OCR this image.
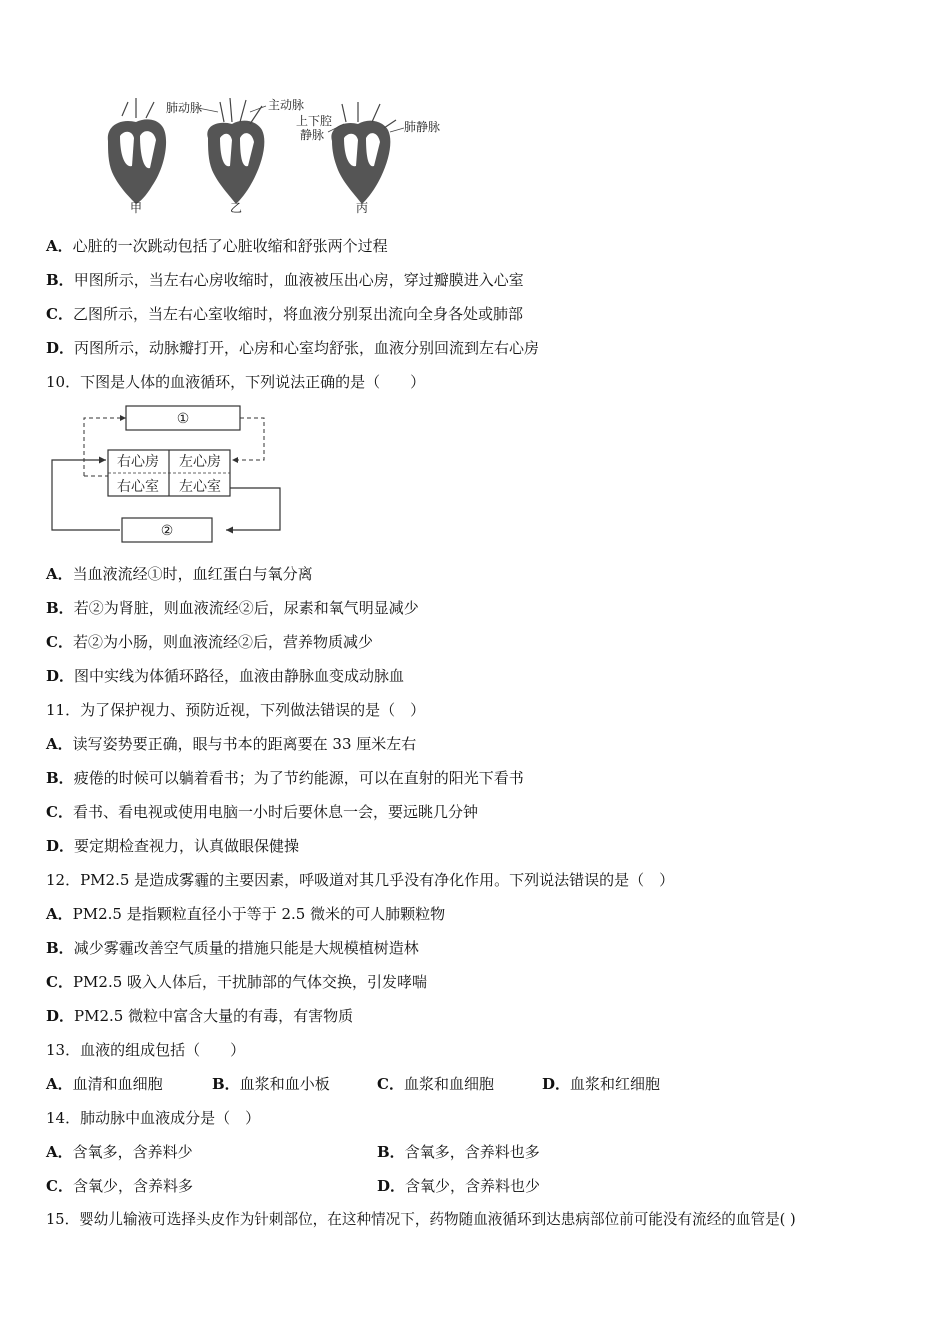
肺动脉	主动脉
上下腔
静脉
肺静脉
甲	乙	丙
A．心脏的一次跳动包括了心脏收缩和舒张两个过程
B．甲图所示，当左右心房收缩时，血液被压出心房，穿过瓣膜进入心室
C．乙图所示，当左右心室收缩时，将血液分别泵出流向全身各处或肺部
D．丙图所示，动脉瓣打开，心房和心室均舒张，血液分别回流到左右心房
10．下图是人体的血液循环，下列说法正确的是（　　）
①
右心房
右心室
左心房
左心室
②
A．当血液流经①时，血红蛋白与氧分离
B．若②为肾脏，则血液流经②后，尿素和氧气明显减少
C．若②为小肠，则血液流经②后，营养物质减少
D．图中实线为体循环路径，血液由静脉血变成动脉血
11．为了保护视力、预防近视，下列做法错误的是（　）
A．读写姿势要正确，眼与书本的距离要在 33 厘米左右
B．疲倦的时候可以躺着看书；为了节约能源，可以在直射的阳光下看书
C．看书、看电视或使用电脑一小时后要休息一会，要远眺几分钟
D．要定期检查视力，认真做眼保健操
12．PM2.5 是造成雾霾的主要因素，呼吸道对其几乎没有净化作用。下列说法错误的是（　）
A．PM2.5 是指颗粒直径小于等于 2.5 微米的可人肺颗粒物
B．减少雾霾改善空气质量的措施只能是大规模植树造林
C．PM2.5 吸入人体后，干扰肺部的气体交换，引发哮喘
D．PM2.5 微粒中富含大量的有毒，有害物质
13．血液的组成包括（　　）
A．血清和血细胞	B．血浆和血小板	C．血浆和血细胞	D．血浆和红细胞
14．肺动脉中血液成分是（　）
A．含氧多，含养料少	B．含氧多，含养料也多
C．含氧少，含养料多	D．含氧少，含养料也少
15．婴幼儿输液可选择头皮作为针刺部位，在这种情况下，药物随血液循环到达患病部位前可能没有流经的血管是( )
